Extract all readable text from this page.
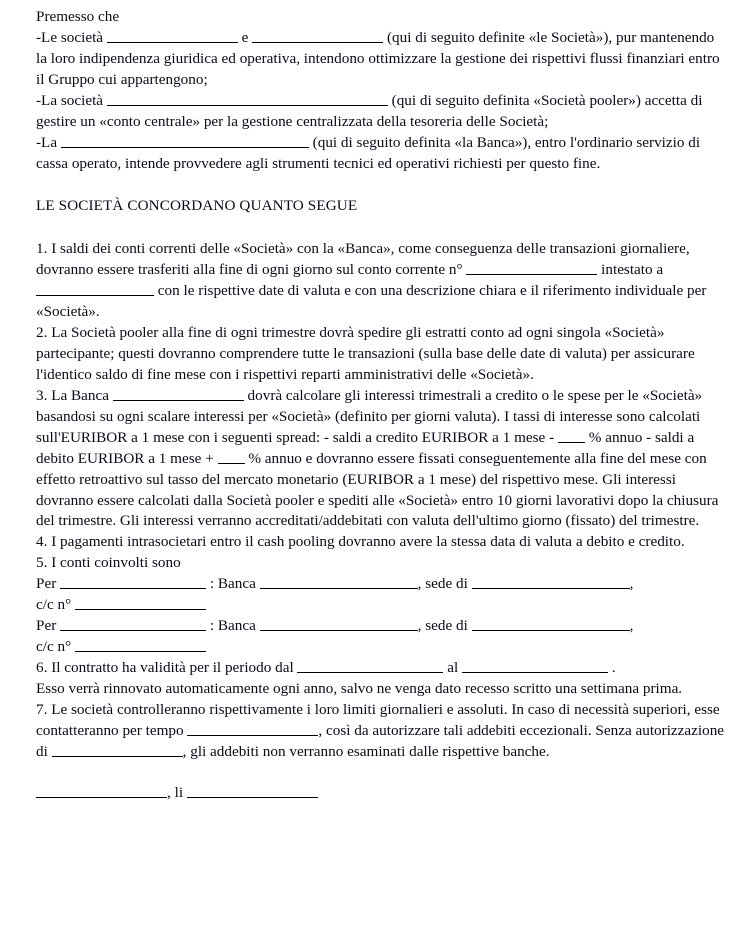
Premesso che

-Le società	e	(qui di seguito definite «le Società»), pur mantenendo la loro indipendenza giuridica ed operativa, intendono ottimizzare la gestione dei rispettivi flussi finanziari entro il Gruppo cui appartengono;

-La società	(qui di seguito definita «Società pooler») accetta di gestire un «conto centrale» per la gestione centralizzata della tesoreria delle Società;

-La	(qui di seguito definita «la Banca»), entro l'ordinario servizio di cassa operato, intende provvedere agli strumenti tecnici ed operativi richiesti per questo fine.

LE SOCIETÀ CONCORDANO QUANTO SEGUE

1. I saldi dei conti correnti delle «Società» con la «Banca», come conseguenza delle transazioni giornaliere, dovranno essere trasferiti alla fine di ogni giorno sul conto corrente n°	intestato a  con le rispettive date di valuta e con una descrizione chiara e il riferimento individuale per «Società».

2. La Società pooler alla fine di ogni trimestre dovrà spedire gli estratti conto ad ogni singola «Società» partecipante; questi dovranno comprendere tutte le transazioni (sulla base delle date di valuta) per assicurare l'identico saldo di fine mese con i rispettivi reparti amministrativi delle «Società».

3. La Banca	dovrà calcolare gli interessi trimestrali a credito o le spese per le «Società» basandosi su ogni scalare interessi per «Società» (definito per giorni valuta). I tassi di interesse sono calcolati sull'EURIBOR a 1 mese con i seguenti spread: - saldi a credito EURIBOR a 1 mese -  % annuo - saldi a debito EURIBOR a 1 mese +  % annuo e dovranno essere fissati conseguentemente alla fine del mese con effetto retroattivo sul tasso del mercato monetario (EURIBOR a 1 mese) del rispettivo mese. Gli interessi dovranno essere calcolati dalla Società pooler e spediti alle «Società» entro 10 giorni lavorativi dopo la chiusura del trimestre. Gli interessi verranno accreditati/addebitati con valuta dell'ultimo giorno (fissato) del trimestre.

4. I pagamenti intrasocietari entro il cash pooling dovranno avere la stessa data di valuta a debito e credito.

5. I conti coinvolti sono

Per	: Banca	, sede di	,
c/c n°

Per	: Banca	, sede di	,
c/c n°

6. Il contratto ha validità per il periodo dal	al	.
Esso verrà rinnovato automaticamente ogni anno, salvo ne venga dato recesso scritto una settimana prima.

7. Le società controlleranno rispettivamente i loro limiti giornalieri e assoluti. In caso di necessità superiori, esse contatteranno per tempo	, così da autorizzare tali addebiti eccezionali. Senza autorizzazione di	, gli addebiti non verranno esaminati dalle rispettive banche.

, li
